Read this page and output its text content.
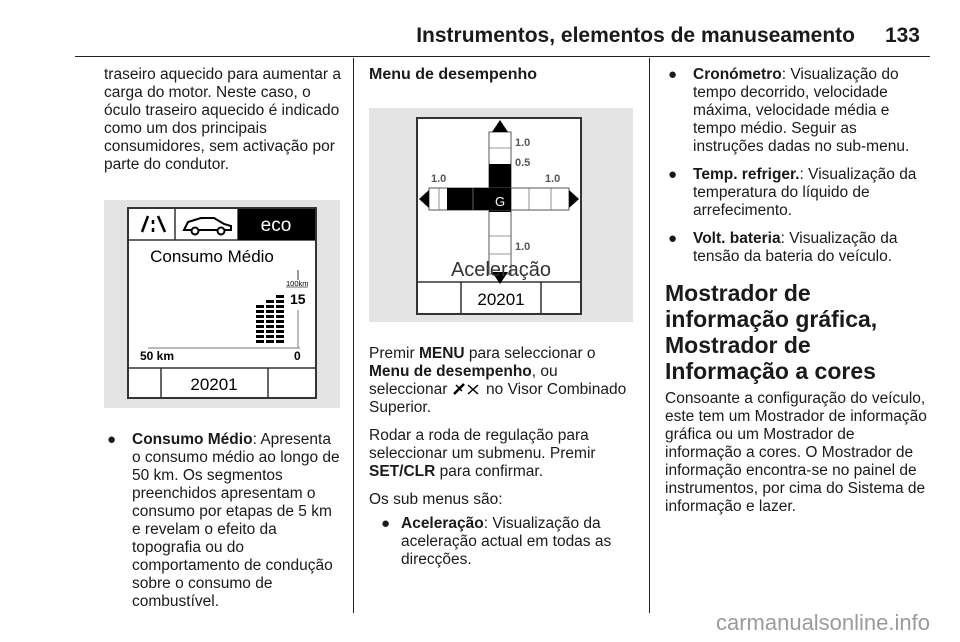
Instrumentos, elementos de manuseamento 133

traseiro aquecido para aumentar a carga do motor. Neste caso, o óculo traseiro aquecido é indicado como um dos principais consumidores, sem activação por parte do condutor.

eco
Consumo Médio
100km
15
50 km	0
20201
● Consumo Médio: Apresenta o consumo médio ao longo de 50 km. Os segmentos preenchidos apresentam o consumo por etapas de 5 km e revelam o efeito da topografia ou do comportamento de condução sobre o consumo de combustível.
Menu de desempenho
G
1.0
0.5
1.0	1.0
1.0
Aceleração
20201

Premir MENU para seleccionar o Menu de desempenho, ou seleccionar  no Visor Combinado Superior.

Rodar a roda de regulação para seleccionar um submenu. Premir SET/CLR para confirmar.

Os sub menus são:

● Aceleração: Visualização da aceleração actual em todas as direcções.
● Cronómetro: Visualização do tempo decorrido, velocidade máxima, velocidade média e tempo médio. Seguir as instruções dadas no sub-menu.
● Temp. refriger.: Visualização da temperatura do líquido de arrefecimento.
● Volt. bateria: Visualização da tensão da bateria do veículo.
Mostrador de informação gráfica, Mostrador de Informação a cores

Consoante a configuração do veículo, este tem um Mostrador de informação gráfica ou um Mostrador de informação a cores. O Mostrador de informação encontra-se no painel de instrumentos, por cima do Sistema de informação e lazer.

carmanualsonline.info
